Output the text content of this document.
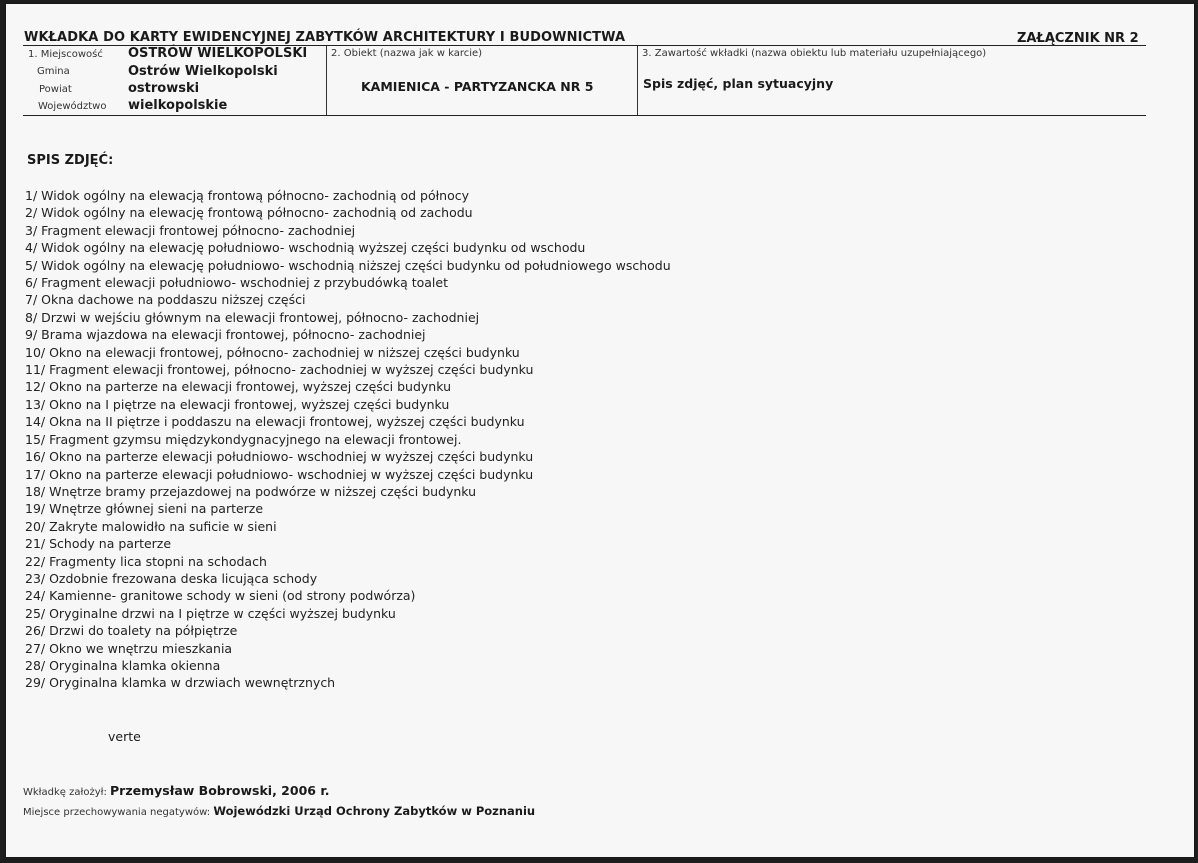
WKŁADKA DO KARTY EWIDENCYJNEJ ZABYTKÓW ARCHITEKTURY I BUDOWNICTWA	ZAŁĄCZNIK NR 2
1. Miejscowość OSTRÓW WIELKOPOLSKI
Gmina	Ostrów Wielkopolski
Powiat	ostrowski
Województwo wielkopolskie
2. Obiekt (nazwa jak w karcie)
KAMIENICA - PARTYZANCKA NR 5
3. Zawartość wkładki (nazwa obiektu lub materiału uzupełniającego)
Spis zdjęć, plan sytuacyjny
SPIS ZDJĘĆ:
1/ Widok ogólny na elewacją frontową północno- zachodnią od północy
2/ Widok ogólny na elewację frontową północno- zachodnią od zachodu
3/ Fragment elewacji frontowej północno- zachodniej
4/ Widok ogólny na elewację południowo- wschodnią wyższej części budynku od wschodu
5/ Widok ogólny na elewację południowo- wschodnią niższej części budynku od południowego wschodu
6/ Fragment elewacji południowo- wschodniej z przybudówką toalet
7/ Okna dachowe na poddaszu niższej części
8/ Drzwi w wejściu głównym na elewacji frontowej, północno- zachodniej
9/ Brama wjazdowa na elewacji frontowej, północno- zachodniej
10/ Okno na elewacji frontowej, północno- zachodniej w niższej części budynku
11/ Fragment elewacji frontowej, północno- zachodniej w wyższej części budynku
12/ Okno na parterze na elewacji frontowej, wyższej części budynku
13/ Okno na I piętrze na elewacji frontowej, wyższej części budynku
14/ Okna na II piętrze i poddaszu na elewacji frontowej, wyższej części budynku
15/ Fragment gzymsu międzykondygnacyjnego na elewacji frontowej.
16/ Okno na parterze elewacji południowo- wschodniej w wyższej części budynku
17/ Okno na parterze elewacji południowo- wschodniej w wyższej części budynku
18/ Wnętrze bramy przejazdowej na podwórze w niższej części budynku
19/ Wnętrze głównej sieni na parterze
20/ Zakryte malowidło na suficie w sieni
21/ Schody na parterze
22/ Fragmenty lica stopni na schodach
23/ Ozdobnie frezowana deska licująca schody
24/ Kamienne- granitowe schody w sieni (od strony podwórza)
25/ Oryginalne drzwi na I piętrze w części wyższej budynku
26/ Drzwi do toalety na półpiętrze
27/ Okno we wnętrzu mieszkania
28/ Oryginalna klamka okienna
29/ Oryginalna klamka w drzwiach wewnętrznych
verte
Wkładkę założył: Przemysław Bobrowski, 2006 r.
Miejsce przechowywania negatywów: Wojewódzki Urząd Ochrony Zabytków w Poznaniu
